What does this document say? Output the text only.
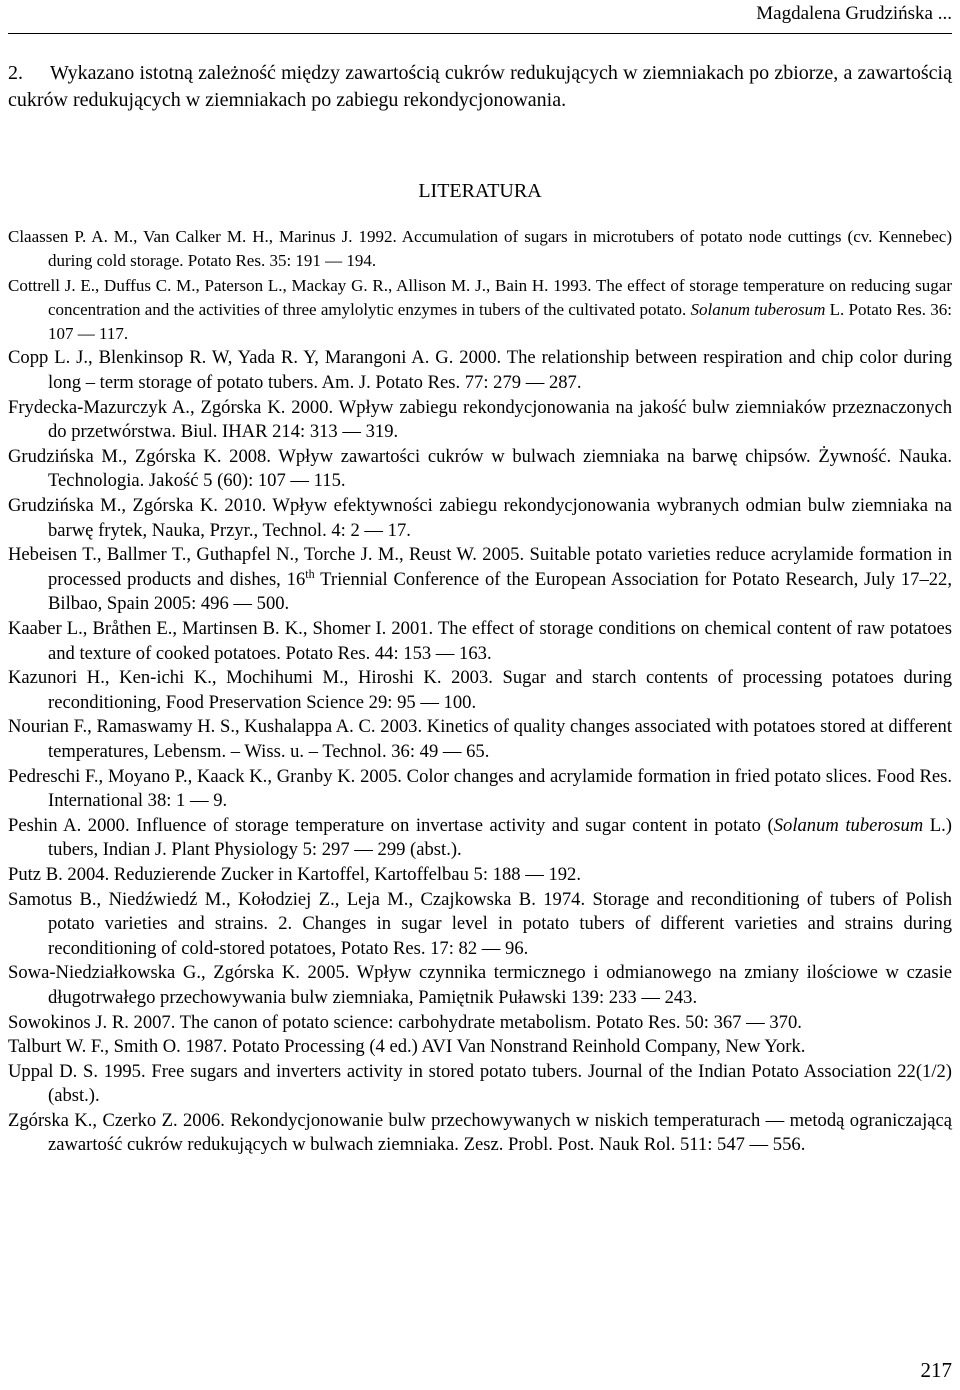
Magdalena Grudzińska ...
2. Wykazano istotną zależność między zawartością cukrów redukujących w ziemniakach po zbiorze, a zawartością cukrów redukujących w ziemniakach po zabiegu rekondycjonowania.
LITERATURA

Claassen P. A. M., Van Calker M. H., Marinus J. 1992. Accumulation of sugars in microtubers of potato node cuttings (cv. Kennebec) during cold storage. Potato Res. 35: 191 — 194.

Cottrell J. E., Duffus C. M., Paterson L., Mackay G. R., Allison M. J., Bain H. 1993. The effect of storage temperature on reducing sugar concentration and the activities of three amylolytic enzymes in tubers of the cultivated potato. Solanum tuberosum L. Potato Res. 36: 107 — 117.

Copp L. J., Blenkinsop R. W, Yada R. Y, Marangoni A. G. 2000. The relationship between respiration and chip color during long – term storage of potato tubers. Am. J. Potato Res. 77: 279 — 287.

Frydecka-Mazurczyk A., Zgórska K. 2000. Wpływ zabiegu rekondycjonowania na jakość bulw ziemniaków przeznaczonych do przetwórstwa. Biul. IHAR 214: 313 — 319.

Grudzińska M., Zgórska K. 2008. Wpływ zawartości cukrów w bulwach ziemniaka na barwę chipsów. Żywność. Nauka. Technologia. Jakość 5 (60): 107 — 115.

Grudzińska M., Zgórska K. 2010. Wpływ efektywności zabiegu rekondycjonowania wybranych odmian bulw ziemniaka na barwę frytek, Nauka, Przyr., Technol. 4: 2 — 17.

Hebeisen T., Ballmer T., Guthapfel N., Torche J. M., Reust W. 2005. Suitable potato varieties reduce acrylamide formation in processed products and dishes, 16th Triennial Conference of the European Association for Potato Research, July 17–22, Bilbao, Spain 2005: 496 — 500.

Kaaber L., Bråthen E., Martinsen B. K., Shomer I. 2001. The effect of storage conditions on chemical content of raw potatoes and texture of cooked potatoes. Potato Res. 44: 153 — 163.

Kazunori H., Ken-ichi K., Mochihumi M., Hiroshi K. 2003. Sugar and starch contents of processing potatoes during reconditioning, Food Preservation Science 29: 95 — 100.

Nourian F., Ramaswamy H. S., Kushalappa A. C. 2003. Kinetics of quality changes associated with potatoes stored at different temperatures, Lebensm. – Wiss. u. – Technol. 36: 49 — 65.

Pedreschi F., Moyano P., Kaack K., Granby K. 2005. Color changes and acrylamide formation in fried potato slices. Food Res. International 38: 1 — 9.

Peshin A. 2000. Influence of storage temperature on invertase activity and sugar content in potato (Solanum tuberosum L.) tubers, Indian J. Plant Physiology 5: 297 — 299 (abst.).

Putz B. 2004. Reduzierende Zucker in Kartoffel, Kartoffelbau 5: 188 — 192.

Samotus B., Niedźwiedź M., Kołodziej Z., Leja M., Czajkowska B. 1974. Storage and reconditioning of tubers of Polish potato varieties and strains. 2. Changes in sugar level in potato tubers of different varieties and strains during reconditioning of cold-stored potatoes, Potato Res. 17: 82 — 96.

Sowa-Niedziałkowska G., Zgórska K. 2005. Wpływ czynnika termicznego i odmianowego na zmiany ilościowe w czasie długotrwałego przechowywania bulw ziemniaka, Pamiętnik Puławski 139: 233 — 243.

Sowokinos J. R. 2007. The canon of potato science: carbohydrate metabolism. Potato Res. 50: 367 — 370.

Talburt W. F., Smith O. 1987. Potato Processing (4 ed.) AVI Van Nonstrand Reinhold Company, New York.

Uppal D. S. 1995. Free sugars and inverters activity in stored potato tubers. Journal of the Indian Potato Association 22(1/2) (abst.).

Zgórska K., Czerko Z. 2006. Rekondycjonowanie bulw przechowywanych w niskich temperaturach — metodą ograniczającą zawartość cukrów redukujących w bulwach ziemniaka. Zesz. Probl. Post. Nauk Rol. 511: 547 — 556.

217
